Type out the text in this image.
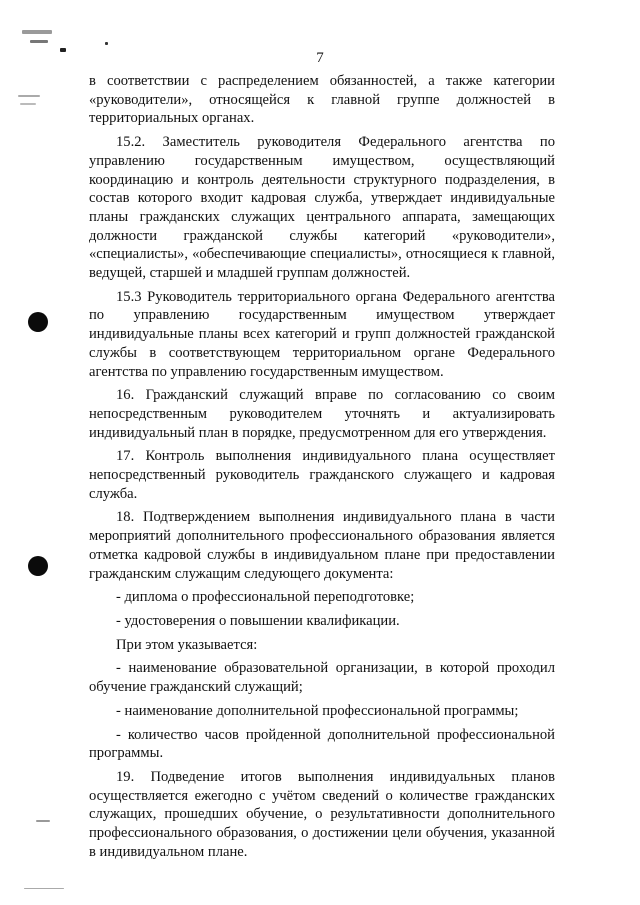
7

в соответствии с распределением обязанностей, а также категории «руководители», относящейся к главной группе должностей в территориальных органах.

15.2. Заместитель руководителя Федерального агентства по управлению государственным имуществом, осуществляющий координацию и контроль деятельности структурного подразделения, в состав которого входит кадровая служба, утверждает индивидуальные планы гражданских служащих центрального аппарата, замещающих должности гражданской службы категорий «руководители», «специалисты», «обеспечивающие специалисты», относящиеся к главной, ведущей, старшей и младшей группам должностей.

15.3 Руководитель территориального органа Федерального агентства по управлению государственным имуществом утверждает индивидуальные планы всех категорий и групп должностей гражданской службы в соответствующем территориальном органе Федерального агентства по управлению государственным имуществом.

16. Гражданский служащий вправе по согласованию со своим непосредственным руководителем уточнять и актуализировать индивидуальный план в порядке, предусмотренном для его утверждения.

17. Контроль выполнения индивидуального плана осуществляет непосредственный руководитель гражданского служащего и кадровая служба.

18. Подтверждением выполнения индивидуального плана в части мероприятий дополнительного профессионального образования является отметка кадровой службы в индивидуальном плане при предоставлении гражданским служащим следующего документа:

- диплома о профессиональной переподготовке;

- удостоверения о повышении квалификации.

При этом указывается:

- наименование образовательной организации, в которой проходил обучение гражданский служащий;

- наименование дополнительной профессиональной программы;

- количество часов пройденной дополнительной профессиональной программы.

19. Подведение итогов выполнения индивидуальных планов осуществляется ежегодно с учётом сведений о количестве гражданских служащих, прошедших обучение, о результативности дополнительного профессионального образования, о достижении цели обучения, указанной в индивидуальном плане.
